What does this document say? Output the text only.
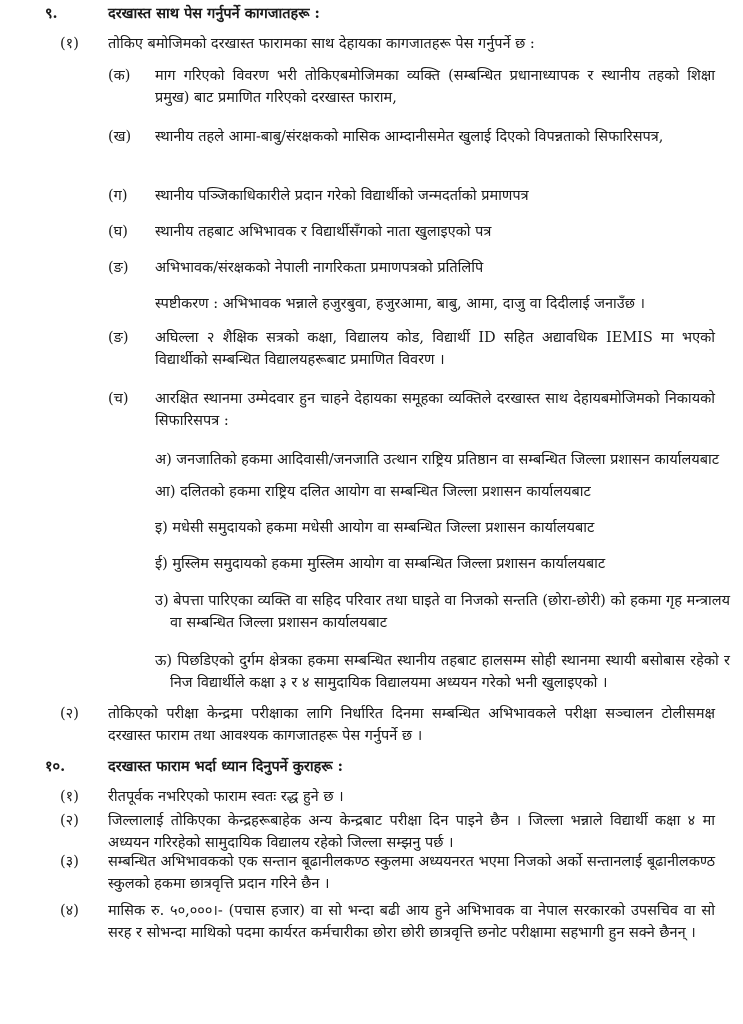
९.	दरखास्त साथ पेस गर्नुपर्ने कागजातहरू :
(१) तोकिए बमोजिमको दरखास्त फारामका साथ देहायका कागजातहरू पेस गर्नुपर्ने छ :
(क) माग गरिएको विवरण भरी तोकिएबमोजिमका व्यक्ति (सम्बन्धित प्रधानाध्यापक र स्थानीय तहको शिक्षा प्रमुख) बाट प्रमाणित गरिएको दरखास्त फाराम,
(ख) स्थानीय तहले आमा-बाबु/संरक्षकको मासिक आम्दानीसमेत खुलाई दिएको विपन्नताको सिफारिसपत्र,
(ग) स्थानीय पञ्जिकाधिकारीले प्रदान गरेको विद्यार्थीको जन्मदर्ताको प्रमाणपत्र
(घ) स्थानीय तहबाट अभिभावक र विद्यार्थीसँगको नाता खुलाइएको पत्र
(ङ) अभिभावक/संरक्षकको नेपाली नागरिकता प्रमाणपत्रको प्रतिलिपि
स्पष्टीकरण : अभिभावक भन्नाले हजुरबुवा, हजुरआमा, बाबु, आमा, दाजु वा दिदीलाई जनाउँछ ।
(ङ) अघिल्ला २ शैक्षिक सत्रको कक्षा, विद्यालय कोड, विद्यार्थी ID सहित अद्यावधिक IEMIS मा भएको विद्यार्थीको सम्बन्धित विद्यालयहरूबाट प्रमाणित विवरण ।
(च) आरक्षित स्थानमा उम्मेदवार हुन चाहने देहायका समूहका व्यक्तिले दरखास्त साथ देहायबमोजिमको निकायको सिफारिसपत्र :
अ) जनजातिको हकमा आदिवासी/जनजाति उत्थान राष्ट्रिय प्रतिष्ठान वा सम्बन्धित जिल्ला प्रशासन कार्यालयबाट
आ) दलितको हकमा राष्ट्रिय दलित आयोग वा सम्बन्धित जिल्ला प्रशासन कार्यालयबाट
इ) मधेसी समुदायको हकमा मधेसी आयोग वा सम्बन्धित जिल्ला प्रशासन कार्यालयबाट
ई) मुस्लिम समुदायको हकमा मुस्लिम आयोग वा सम्बन्धित जिल्ला प्रशासन कार्यालयबाट
उ) बेपत्ता पारिएका व्यक्ति वा सहिद परिवार तथा घाइते वा निजको सन्तति (छोरा-छोरी) को हकमा गृह मन्त्रालय वा सम्बन्धित जिल्ला प्रशासन कार्यालयबाट
ऊ) पिछडिएको दुर्गम क्षेत्रका हकमा सम्बन्धित स्थानीय तहबाट हालसम्म सोही स्थानमा स्थायी बसोबास रहेको र निज विद्यार्थीले कक्षा ३ र ४ सामुदायिक विद्यालयमा अध्ययन गरेको भनी खुलाइएको ।
(२) तोकिएको परीक्षा केन्द्रमा परीक्षाका लागि निर्धारित दिनमा सम्बन्धित अभिभावकले परीक्षा सञ्चालन टोलीसमक्ष दरखास्त फाराम तथा आवश्यक कागजातहरू पेस गर्नुपर्ने छ ।
१०.	दरखास्त फाराम भर्दा ध्यान दिनुपर्ने कुराहरू :
(१) रीतपूर्वक नभरिएको फाराम स्वतः रद्ध हुने छ ।
(२) जिल्लालाई तोकिएका केन्द्रहरूबाहेक अन्य केन्द्रबाट परीक्षा दिन पाइने छैन । जिल्ला भन्नाले विद्यार्थी कक्षा ४ मा अध्ययन गरिरहेको सामुदायिक विद्यालय रहेको जिल्ला सम्झनु पर्छ ।
(३) सम्बन्धित अभिभावकको एक सन्तान बूढानीलकण्ठ स्कुलमा अध्ययनरत भएमा निजको अर्को सन्तानलाई बूढानीलकण्ठ स्कुलको हकमा छात्रवृत्ति प्रदान गरिने छैन ।
(४) मासिक रु. ५०,०००।- (पचास हजार) वा सो भन्दा बढी आय हुने अभिभावक वा नेपाल सरकारको उपसचिव वा सो सरह र सोभन्दा माथिको पदमा कार्यरत कर्मचारीका छोरा छोरी छात्रवृत्ति छनोट परीक्षामा सहभागी हुन सक्ने छैनन् ।
